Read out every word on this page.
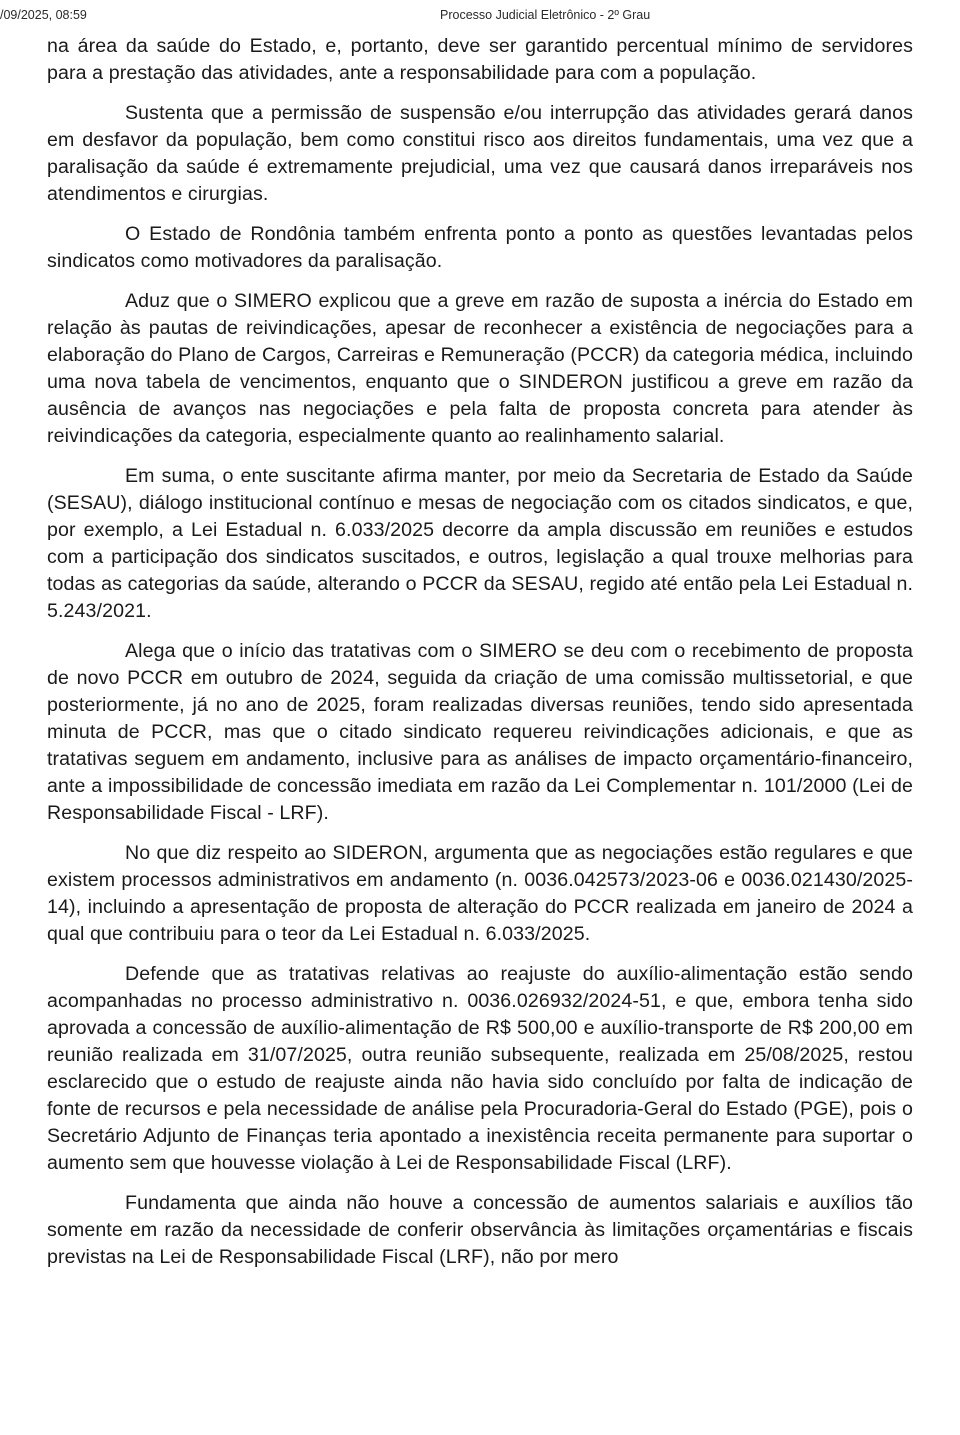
/09/2025, 08:59	Processo Judicial Eletrônico - 2º Grau

na área da saúde do Estado, e, portanto, deve ser garantido percentual mínimo de servidores para a prestação das atividades, ante a responsabilidade para com a população.

Sustenta que a permissão de suspensão e/ou interrupção das atividades gerará danos em desfavor da população, bem como constitui risco aos direitos fundamentais, uma vez que a paralisação da saúde é extremamente prejudicial, uma vez que causará danos irreparáveis nos atendimentos e cirurgias.

O Estado de Rondônia também enfrenta ponto a ponto as questões levantadas pelos sindicatos como motivadores da paralisação.

Aduz que o SIMERO explicou que a greve em razão de suposta a inércia do Estado em relação às pautas de reivindicações, apesar de reconhecer a existência de negociações para a elaboração do Plano de Cargos, Carreiras e Remuneração (PCCR) da categoria médica, incluindo uma nova tabela de vencimentos, enquanto que o SINDERON justificou a greve em razão da ausência de avanços nas negociações e pela falta de proposta concreta para atender às reivindicações da categoria, especialmente quanto ao realinhamento salarial.

Em suma, o ente suscitante afirma manter, por meio da Secretaria de Estado da Saúde (SESAU), diálogo institucional contínuo e mesas de negociação com os citados sindicatos, e que, por exemplo, a Lei Estadual n. 6.033/2025 decorre da ampla discussão em reuniões e estudos com a participação dos sindicatos suscitados, e outros, legislação a qual trouxe melhorias para todas as categorias da saúde, alterando o PCCR da SESAU, regido até então pela Lei Estadual n. 5.243/2021.

Alega que o início das tratativas com o SIMERO se deu com o recebimento de proposta de novo PCCR em outubro de 2024, seguida da criação de uma comissão multissetorial, e que posteriormente, já no ano de 2025, foram realizadas diversas reuniões, tendo sido apresentada minuta de PCCR, mas que o citado sindicato requereu reivindicações adicionais, e que as tratativas seguem em andamento, inclusive para as análises de impacto orçamentário-financeiro, ante a impossibilidade de concessão imediata em razão da Lei Complementar n. 101/2000 (Lei de Responsabilidade Fiscal - LRF).

No que diz respeito ao SIDERON, argumenta que as negociações estão regulares e que existem processos administrativos em andamento (n. 0036.042573/2023-06 e 0036.021430/2025-14), incluindo a apresentação de proposta de alteração do PCCR realizada em janeiro de 2024 a qual que contribuiu para o teor da Lei Estadual n. 6.033/2025.

Defende que as tratativas relativas ao reajuste do auxílio-alimentação estão sendo acompanhadas no processo administrativo n. 0036.026932/2024-51, e que, embora tenha sido aprovada a concessão de auxílio-alimentação de R$ 500,00 e auxílio-transporte de R$ 200,00 em reunião realizada em 31/07/2025, outra reunião subsequente, realizada em 25/08/2025, restou esclarecido que o estudo de reajuste ainda não havia sido concluído por falta de indicação de fonte de recursos e pela necessidade de análise pela Procuradoria-Geral do Estado (PGE), pois o Secretário Adjunto de Finanças teria apontado a inexistência receita permanente para suportar o aumento sem que houvesse violação à Lei de Responsabilidade Fiscal (LRF).

Fundamenta que ainda não houve a concessão de aumentos salariais e auxílios tão somente em razão da necessidade de conferir observância às limitações orçamentárias e fiscais previstas na Lei de Responsabilidade Fiscal (LRF), não por mero
